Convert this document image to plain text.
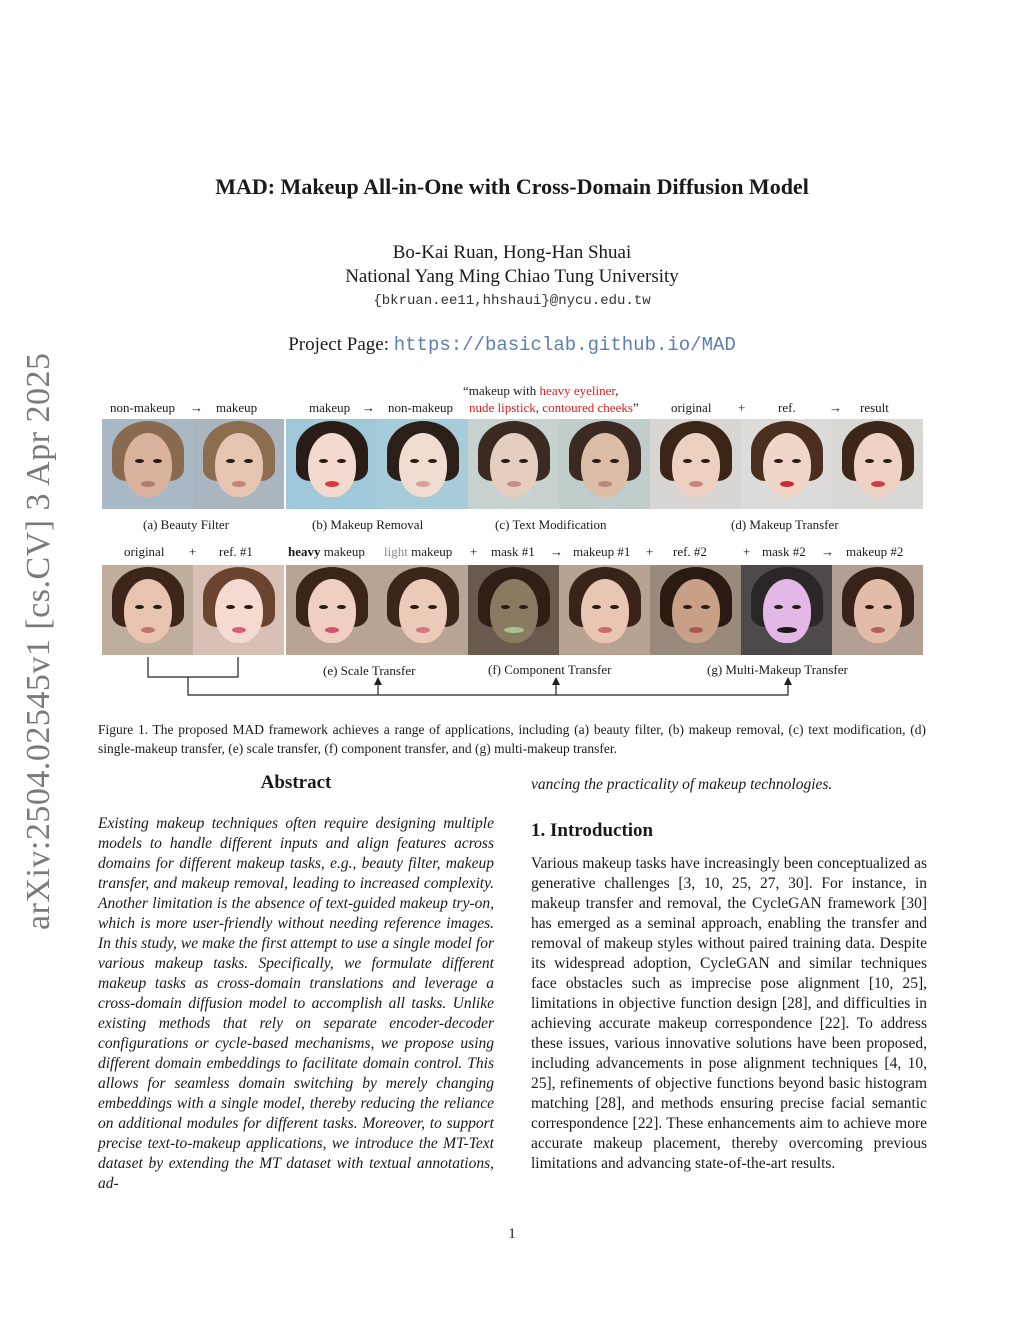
arXiv:2504.02545v1 [cs.CV] 3 Apr 2025
MAD: Makeup All-in-One with Cross-Domain Diffusion Model
Bo-Kai Ruan, Hong-Han Shuai
National Yang Ming Chiao Tung University
{bkruan.ee11,hhshaui}@nycu.edu.tw
Project Page: https://basiclab.github.io/MAD
non-makeup → makeup	makeup → non-makeup
“makeup with heavy eyeliner,
nude lipstick, contoured cheeks” original +	ref.	→ result
(a) Beauty Filter	(b) Makeup Removal	(c) Text Modification	(d) Makeup Transfer
original + ref. #1	heavy makeup light makeup + mask #1 → makeup #1 + ref. #2	+ mask #2 → makeup #2
(e) Scale Transfer	(f) Component Transfer	(g) Multi-Makeup Transfer
Figure 1. The proposed MAD framework achieves a range of applications, including (a) beauty filter, (b) makeup removal, (c) text modification, (d) single-makeup transfer, (e) scale transfer, (f) component transfer, and (g) multi-makeup transfer.
Abstract
Existing makeup techniques often require designing multiple models to handle different inputs and align features across domains for different makeup tasks, e.g., beauty filter, makeup transfer, and makeup removal, leading to increased complexity. Another limitation is the absence of text-guided makeup try-on, which is more user-friendly without needing reference images. In this study, we make the first attempt to use a single model for various makeup tasks. Specifically, we formulate different makeup tasks as cross-domain translations and leverage a cross-domain diffusion model to accomplish all tasks. Unlike existing methods that rely on separate encoder-decoder configurations or cycle-based mechanisms, we propose using different domain embeddings to facilitate domain control. This allows for seamless domain switching by merely changing embeddings with a single model, thereby reducing the reliance on additional modules for different tasks. Moreover, to support precise text-to-makeup applications, we introduce the MT-Text dataset by extending the MT dataset with textual annotations, ad-
vancing the practicality of makeup technologies.
1. Introduction
Various makeup tasks have increasingly been conceptualized as generative challenges [3, 10, 25, 27, 30]. For instance, in makeup transfer and removal, the CycleGAN framework [30] has emerged as a seminal approach, enabling the transfer and removal of makeup styles without paired training data. Despite its widespread adoption, CycleGAN and similar techniques face obstacles such as imprecise pose alignment [10, 25], limitations in objective function design [28], and difficulties in achieving accurate makeup correspondence [22]. To address these issues, various innovative solutions have been proposed, including advancements in pose alignment techniques [4, 10, 25], refinements of objective functions beyond basic histogram matching [28], and methods ensuring precise facial semantic correspondence [22]. These enhancements aim to achieve more accurate makeup placement, thereby overcoming previous limitations and advancing state-of-the-art results.
1
